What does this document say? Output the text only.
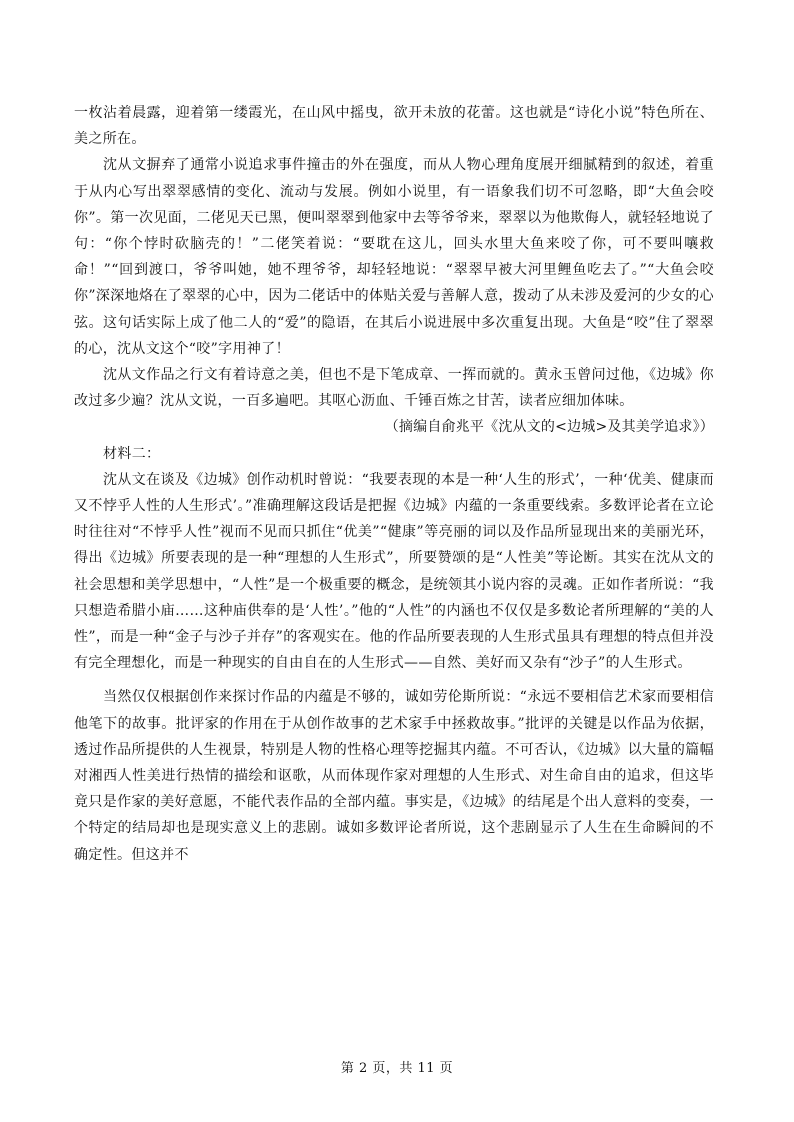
一枚沾着晨露，迎着第一缕霞光，在山风中摇曳，欲开未放的花蕾。这也就是“诗化小说”特色所在、美之所在。

沈从文摒弃了通常小说追求事件撞击的外在强度，而从人物心理角度展开细腻精到的叙述，着重于从内心写出翠翠感情的变化、流动与发展。例如小说里，有一语象我们切不可忽略，即“大鱼会咬你”。第一次见面，二佬见天已黑，便叫翠翠到他家中去等爷爷来，翠翠以为他欺侮人，就轻轻地说了句：“你个悖时砍脑壳的！”二佬笑着说：“要耽在这儿，回头水里大鱼来咬了你，可不要叫嚷救命！”“回到渡口，爷爷叫她，她不理爷爷，却轻轻地说：“翠翠早被大河里鲤鱼吃去了。”“大鱼会咬你”深深地烙在了翠翠的心中，因为二佬话中的体贴关爱与善解人意，拨动了从未涉及爱河的少女的心弦。这句话实际上成了他二人的“爱”的隐语，在其后小说进展中多次重复出现。大鱼是“咬”住了翠翠的心，沈从文这个“咬”字用神了！

沈从文作品之行文有着诗意之美，但也不是下笔成章、一挥而就的。黄永玉曾问过他，《边城》你改过多少遍？沈从文说，一百多遍吧。其呕心沥血、千锤百炼之甘苦，读者应细加体味。

（摘编自俞兆平《沈从文的<边城>及其美学追求》）

材料二：

沈从文在谈及《边城》创作动机时曾说：“我要表现的本是一种‘人生的形式’，一种‘优美、健康而又不悖乎人性的人生形式’。”准确理解这段话是把握《边城》内蕴的一条重要线索。多数评论者在立论时往往对“不悖乎人性”视而不见而只抓住“优美”“健康”等亮丽的词以及作品所显现出来的美丽光环，得出《边城》所要表现的是一种“理想的人生形式”，所要赞颂的是“人性美”等论断。其实在沈从文的社会思想和美学思想中，“人性”是一个极重要的概念，是统领其小说内容的灵魂。正如作者所说：“我只想造希腊小庙……这种庙供奉的是‘人性’。”他的“人性”的内涵也不仅仅是多数论者所理解的“美的人性”，而是一种“金子与沙子并存”的客观实在。他的作品所要表现的人生形式虽具有理想的特点但并没有完全理想化，而是一种现实的自由自在的人生形式——自然、美好而又杂有“沙子”的人生形式。

当然仅仅根据创作来探讨作品的内蕴是不够的，诚如劳伦斯所说：“永远不要相信艺术家而要相信他笔下的故事。批评家的作用在于从创作故事的艺术家手中拯救故事。”批评的关键是以作品为依据，透过作品所提供的人生视景，特别是人物的性格心理等挖掘其内蕴。不可否认，《边城》以大量的篇幅对湘西人性美进行热情的描绘和讴歌，从而体现作家对理想的人生形式、对生命自由的追求，但这毕竟只是作家的美好意愿，不能代表作品的全部内蕴。事实是，《边城》的结尾是个出人意料的变奏，一个特定的结局却也是现实意义上的悲剧。诚如多数评论者所说，这个悲剧显示了人生在生命瞬间的不确定性。但这并不

第 2 页，共 11 页
